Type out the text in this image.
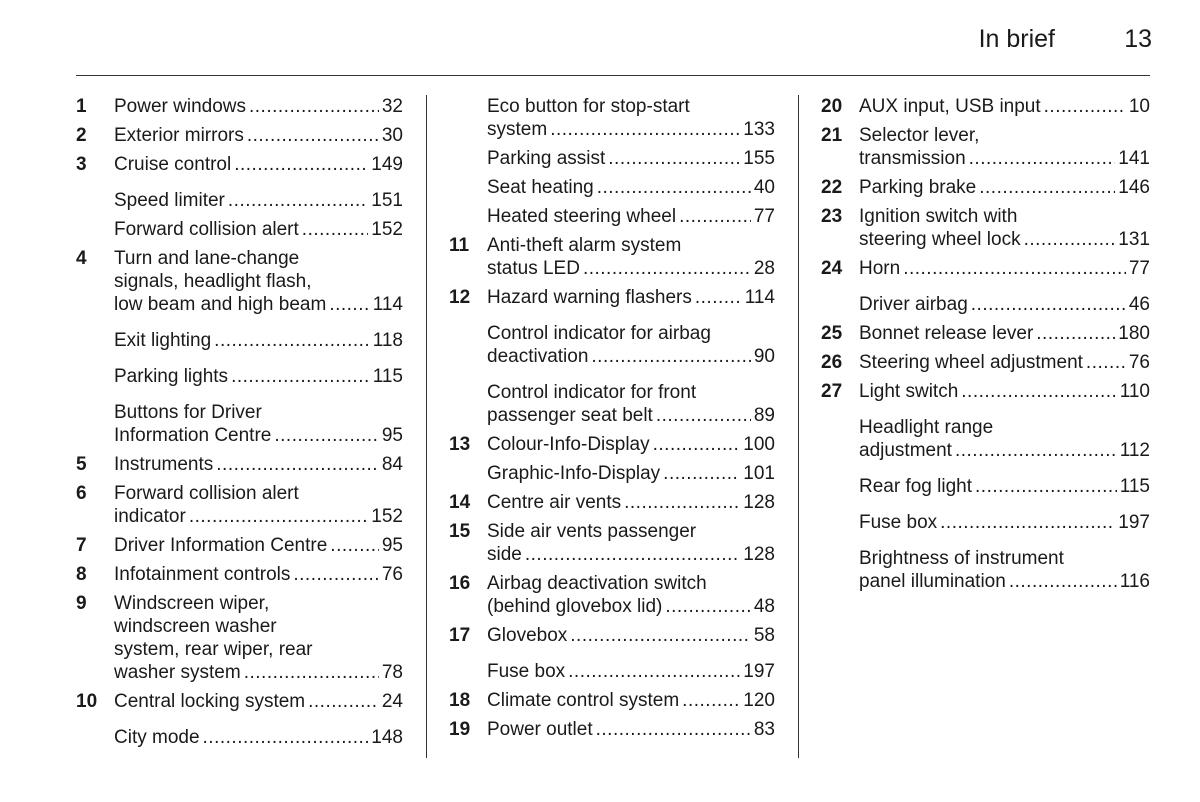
In brief	13
1	Power windows .....	32
2	Exterior mirrors .....	30
3	Cruise control .....	149
Speed limiter .....	151
Forward collision alert .....	152
4	Turn and lane-change
signals, headlight flash,
low beam and high beam ..... 114
Exit lighting .....	118
Parking lights .....	115
Buttons for Driver
Information Centre .....	95
5	Instruments .....	84
6	Forward collision alert
indicator .....	152
7	Driver Information Centre .....	95
8	Infotainment controls .....	76
9	Windscreen wiper,
windscreen washer
system, rear wiper, rear
washer system .....	78
10 Central locking system .....	24
City mode .....	148
Eco button for stop-start
system .....	133
Parking assist .....	155
Seat heating .....	40
Heated steering wheel .....	77
11 Anti-theft alarm system
status LED .....	28
12 Hazard warning flashers .....	114
Control indicator for airbag
deactivation .....	90
Control indicator for front
passenger seat belt .....	89
13 Colour-Info-Display .....	100
Graphic-Info-Display .....	101
14 Centre air vents .....	128
15 Side air vents passenger
side .....	128
16 Airbag deactivation switch
(behind glovebox lid) .....	48
17 Glovebox .....	58
Fuse box .....	197
18 Climate control system .....	120
19 Power outlet .....	83
20 AUX input, USB input .....	10
21 Selector lever,
transmission .....	141
22 Parking brake .....	146
23 Ignition switch with
steering wheel lock .....	131
24 Horn .....	77
Driver airbag .....	46
25 Bonnet release lever .....	180
26 Steering wheel adjustment ..... 76
27 Light switch .....	110
Headlight range
adjustment .....	112
Rear fog light .....	115
Fuse box .....	197
Brightness of instrument
panel illumination .....	116
